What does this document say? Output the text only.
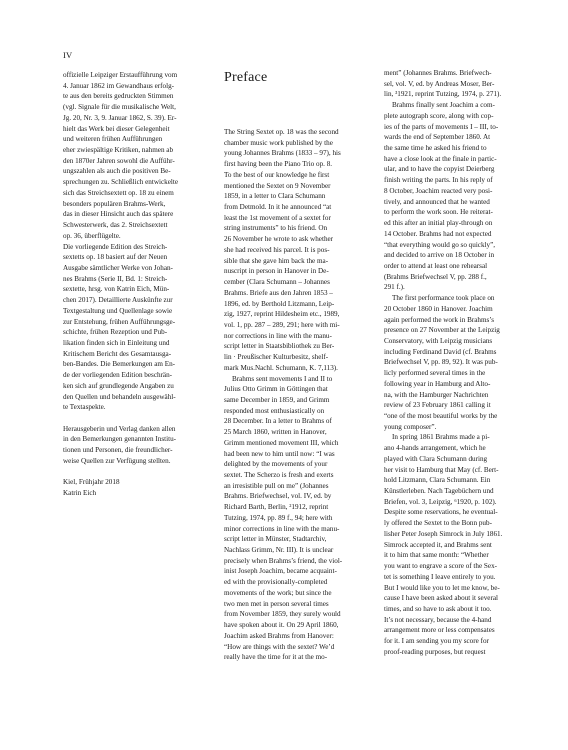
IV
offizielle Leipziger Erstaufführung vom
4. Januar 1862 im Gewandhaus erfolg-
te aus den bereits gedruckten Stimmen
(vgl. Signale für die musikalische Welt,
Jg. 20, Nr. 3, 9. Januar 1862, S. 39). Er-
hielt das Werk bei dieser Gelegenheit
und weiteren frühen Aufführungen
eher zwiespältige Kritiken, nahmen ab
den 1870er Jahren sowohl die Aufführ-
ungszahlen als auch die positiven Be-
sprechungen zu. Schließlich entwickelte
sich das Streichsextett op. 18 zu einem
besonders populären Brahms-Werk,
das in dieser Hinsicht auch das spätere
Schwesterwerk, das 2. Streichsextett
op. 36, überflügelte.
Die vorliegende Edition des Streich-
sextetts op. 18 basiert auf der Neuen
Ausgabe sämtlicher Werke von Johan-
nes Brahms (Serie II, Bd. 1: Streich-
sextette, hrsg. von Katrin Eich, Mün-
chen 2017). Detaillierte Auskünfte zur
Textgestaltung und Quellenlage sowie
zur Entstehung, frühen Aufführungsge-
schichte, frühen Rezeption und Pub-
likation finden sich in Einleitung und
Kritischem Bericht des Gesamtausga-
ben-Bandes. Die Bemerkungen am En-
de der vorliegenden Edition beschrän-
ken sich auf grundlegende Angaben zu
den Quellen und behandeln ausgewähl-
te Textaspekte.
Herausgeberin und Verlag danken allen
in den Bemerkungen genannten Institu-
tionen und Personen, die freundlicher-
weise Quellen zur Verfügung stellten.
Kiel, Frühjahr 2018
Katrin Eich
Preface
The String Sextet op. 18 was the second
chamber music work published by the
young Johannes Brahms (1833 – 97), his
first having been the Piano Trio op. 8.
To the best of our knowledge he first
mentioned the Sextet on 9 November
1859, in a letter to Clara Schumann
from Detmold. In it he announced “at
least the 1st movement of a sextet for
string instruments” to his friend. On
26 November he wrote to ask whether
she had received his parcel. It is pos-
sible that she gave him back the ma-
nuscript in person in Hanover in De-
cember (Clara Schumann – Johannes
Brahms. Briefe aus den Jahren 1853 –
1896, ed. by Berthold Litzmann, Leip-
zig, 1927, reprint Hildesheim etc., 1989,
vol. 1, pp. 287 – 289, 291; here with mi-
nor corrections in line with the manu-
script letter in Staatsbibliothek zu Ber-
lin · Preußischer Kulturbesitz, shelf-
mark Mus.Nachl. Schumann, K. 7,113).
Brahms sent movements I and II to
Julius Otto Grimm in Göttingen that
same December in 1859, and Grimm
responded most enthusiastically on
28 December. In a letter to Brahms of
25 March 1860, written in Hanover,
Grimm mentioned movement III, which
had been new to him until now: “I was
delighted by the movements of your
sextet. The Scherzo is fresh and exerts
an irresistible pull on me” (Johannes
Brahms. Briefwechsel, vol. IV, ed. by
Richard Barth, Berlin, ²1912, reprint
Tutzing, 1974, pp. 89 f., 94; here with
minor corrections in line with the manu-
script letter in Münster, Stadtarchiv,
Nachlass Grimm, Nr. III). It is unclear
precisely when Brahms’s friend, the viol-
inist Joseph Joachim, became acquaint-
ed with the provisionally-completed
movements of the work; but since the
two men met in person several times
from November 1859, they surely would
have spoken about it. On 29 April 1860,
Joachim asked Brahms from Hanover:
“How are things with the sextet? We’d
really have the time for it at the mo-
ment” (Johannes Brahms. Briefwech-
sel, vol. V, ed. by Andreas Moser, Ber-
lin, ³1921, reprint Tutzing, 1974, p. 271).
Brahms finally sent Joachim a com-
plete autograph score, along with cop-
ies of the parts of movements I – III, to-
wards the end of September 1860. At
the same time he asked his friend to
have a close look at the finale in partic-
ular, and to have the copyist Deierberg
finish writing the parts. In his reply of
8 October, Joachim reacted very posi-
tively, and announced that he wanted
to perform the work soon. He reiterat-
ed this after an initial play-through on
14 October. Brahms had not expected
“that everything would go so quickly”,
and decided to arrive on 18 October in
order to attend at least one rehearsal
(Brahms Briefwechsel V, pp. 288 f.,
291 f.).
The first performance took place on
20 October 1860 in Hanover. Joachim
again performed the work in Brahms’s
presence on 27 November at the Leipzig
Conservatory, with Leipzig musicians
including Ferdinand David (cf. Brahms
Briefwechsel V, pp. 89, 92). It was pub-
licly performed several times in the
following year in Hamburg and Alto-
na, with the Hamburger Nachrichten
review of 23 February 1861 calling it
“one of the most beautiful works by the
young composer”.
In spring 1861 Brahms made a pi-
ano 4-hands arrangement, which he
played with Clara Schumann during
her visit to Hamburg that May (cf. Bert-
hold Litzmann, Clara Schumann. Ein
Künstlerleben. Nach Tagebüchern und
Briefen, vol. 3, Leipzig, ⁶1920, p. 102).
Despite some reservations, he eventual-
ly offered the Sextet to the Bonn pub-
lisher Peter Joseph Simrock in July 1861.
Simrock accepted it, and Brahms sent
it to him that same month: “Whether
you want to engrave a score of the Sex-
tet is something I leave entirely to you.
But I would like you to let me know, be-
cause I have been asked about it several
times, and so have to ask about it too.
It’s not necessary, because the 4-hand
arrangement more or less compensates
for it. I am sending you my score for
proof-reading purposes, but request
